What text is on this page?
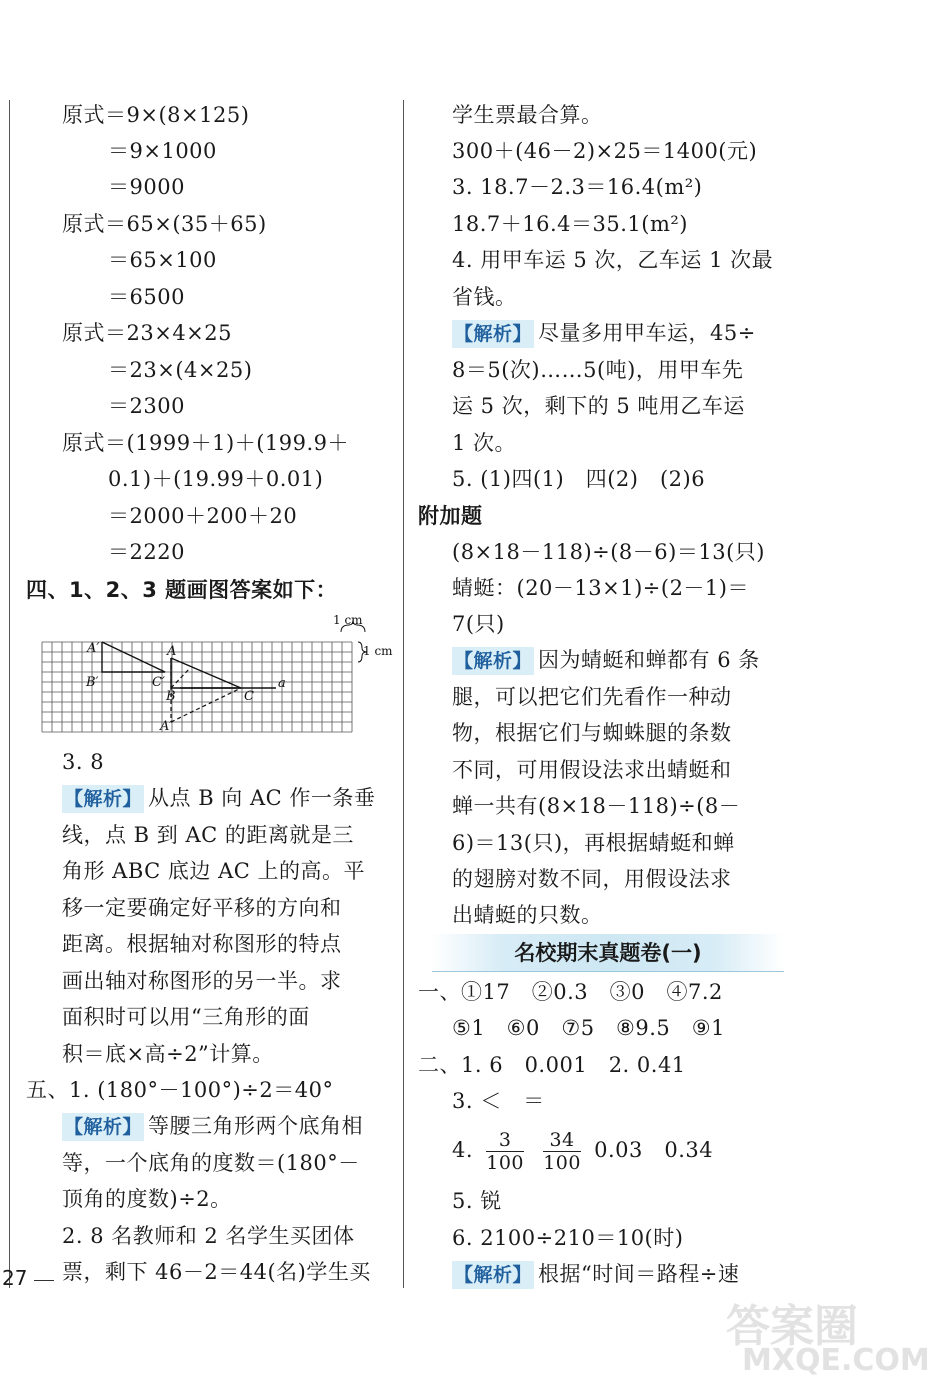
原式＝9×(8×125)
＝9×1000
＝9000
原式＝65×(35＋65)
＝65×100
＝6500
原式＝23×4×25
＝23×(4×25)
＝2300
原式＝(1999＋1)＋(199.9＋
0.1)＋(19.99＋0.01)
＝2000＋200＋20
＝2220
四、1、2、3 题画图答案如下：
A′	A
B′	C′
B	C
a
A″
1 cm
1 cm
3. 8
【解析】 从点 B 向 AC 作一条垂
线，点 B 到 AC 的距离就是三
角形 ABC 底边 AC 上的高。平
移一定要确定好平移的方向和
距离。根据轴对称图形的特点
画出轴对称图形的另一半。求
面积时可以用“三角形的面
积＝底×高÷2”计算。
五、1. (180°－100°)÷2＝40°
【解析】 等腰三角形两个底角相
等，一个底角的度数＝(180°－
顶角的度数)÷2。
2. 8 名教师和 2 名学生买团体
票，剩下 46－2＝44(名)学生买
学生票最合算。
300＋(46－2)×25＝1400(元)
3. 18.7－2.3＝16.4(m²)
18.7＋16.4＝35.1(m²)
4. 用甲车运 5 次，乙车运 1 次最
省钱。
【解析】 尽量多用甲车运，45÷
8＝5(次)……5(吨)，用甲车先
运 5 次，剩下的 5 吨用乙车运
1 次。
5. (1)四(1)　四(2)　(2)6
附加题
(8×18－118)÷(8－6)＝13(只)
蜻蜓：(20－13×1)÷(2－1)＝
7(只)
【解析】 因为蜻蜓和蝉都有 6 条
腿，可以把它们先看作一种动
物，根据它们与蜘蛛腿的条数
不同，可用假设法求出蜻蜓和
蝉一共有(8×18－118)÷(8－
6)＝13(只)，再根据蜻蜓和蝉
的翅膀对数不同，用假设法求
出蜻蜓的只数。
名校期末真题卷(一)
一、①17　②0.3　③0　④7.2
⑤1　⑥0　⑦5　⑧9.5　⑨1
二、1. 6　0.001　2. 0.41
3. ＜　＝
4. $\frac{3}{100}$
$\frac{34}{100} 0.03$　0.34
5. 锐
6. 2100÷210＝10(时)
【解析】 根据“时间＝路程÷速
27
答案圈
MXQE.COM
